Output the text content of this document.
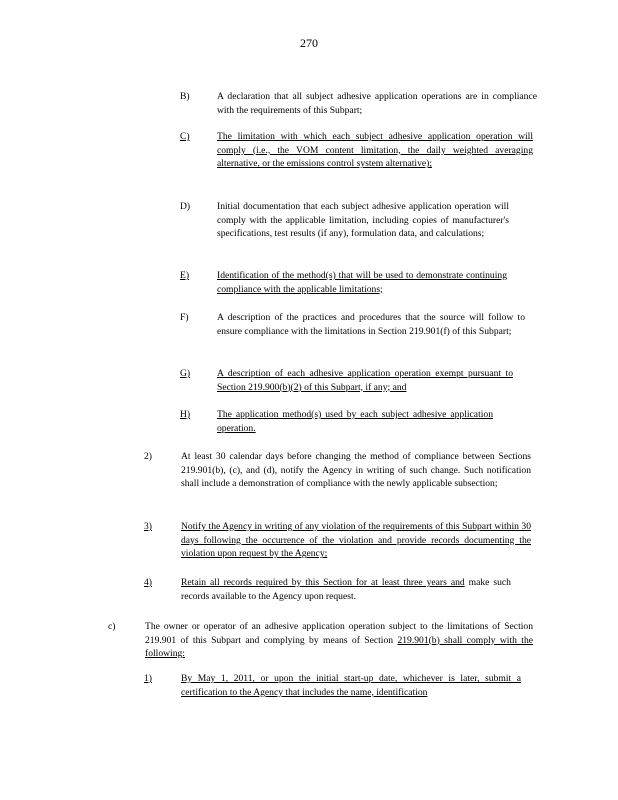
270
B)	A declaration that all subject adhesive application operations are in compliance with the requirements of this Subpart;
C)	The limitation with which each subject adhesive application operation will comply (i.e., the VOM content limitation, the daily weighted averaging alternative, or the emissions control system alternative);
D)	Initial documentation that each subject adhesive application operation will comply with the applicable limitation, including copies of manufacturer's specifications, test results (if any), formulation data, and calculations;
E)	Identification of the method(s) that will be used to demonstrate continuing compliance with the applicable limitations;
F)	A description of the practices and procedures that the source will follow to ensure compliance with the limitations in Section 219.901(f) of this Subpart;
G)	A description of each adhesive application operation exempt pursuant to Section 219.900(b)(2) of this Subpart, if any; and
H)	The application method(s) used by each subject adhesive application operation.
2)	At least 30 calendar days before changing the method of compliance between Sections 219.901(b), (c), and (d), notify the Agency in writing of such change. Such notification shall include a demonstration of compliance with the newly applicable subsection;
3)	Notify the Agency in writing of any violation of the requirements of this Subpart within 30 days following the occurrence of the violation and provide records documenting the violation upon request by the Agency;
4)	Retain all records required by this Section for at least three years and make such records available to the Agency upon request.
c)	The owner or operator of an adhesive application operation subject to the limitations of Section 219.901 of this Subpart and complying by means of Section 219.901(b) shall comply with the following:
1)	By May 1, 2011, or upon the initial start-up date, whichever is later, submit a certification to the Agency that includes the name, identification
